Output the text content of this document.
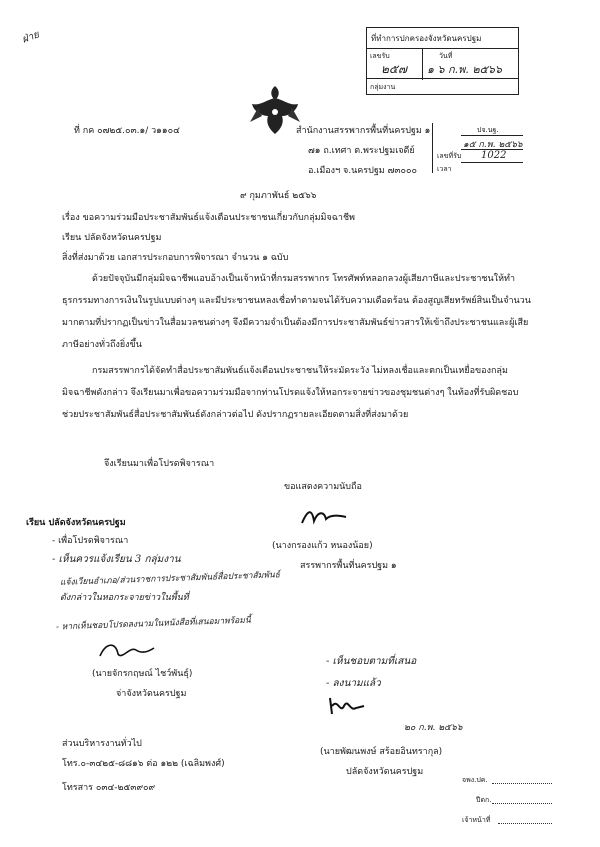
ฝ่าย	ที่ทำการปกครองจังหวัดนครปฐม
เลขรับ
๒๕๗
วันที่
๑ ๖ ก.พ. ๒๕๖๖
กลุ่มงาน
ที่ กค ๐๗๒๕.๐๓.๑/ ว๑๑๐๔	สำนักงานสรรพากรพื้นที่นครปฐม ๑
๗๑ ถ.เทศา ต.พระปฐมเจดีย์
อ.เมืองฯ จ.นครปฐม ๗๓๐๐๐
ปจ.นฐ.
๑๕ ก.พ. ๒๕๖๖
เลขที่รับ 1022
เวลา
๙ กุมภาพันธ์ ๒๕๖๖
เรื่อง ขอความร่วมมือประชาสัมพันธ์แจ้งเตือนประชาชนเกี่ยวกับกลุ่มมิจฉาชีพ
เรียน ปลัดจังหวัดนครปฐม
สิ่งที่ส่งมาด้วย เอกสารประกอบการพิจารณา จำนวน ๑ ฉบับ
ด้วยปัจจุบันมีกลุ่มมิจฉาชีพแอบอ้างเป็นเจ้าหน้าที่กรมสรรพากร โทรศัพท์หลอกลวงผู้เสียภาษีและประชาชนให้ทำธุรกรรมทางการเงินในรูปแบบต่างๆ และมีประชาชนหลงเชื่อทำตามจนได้รับความเดือดร้อน ต้องสูญเสียทรัพย์สินเป็นจำนวนมากตามที่ปรากฏเป็นข่าวในสื่อมวลชนต่างๆ จึงมีความจำเป็นต้องมีการประชาสัมพันธ์ข่าวสารให้เข้าถึงประชาชนและผู้เสียภาษีอย่างทั่วถึงยิ่งขึ้น
กรมสรรพากรได้จัดทำสื่อประชาสัมพันธ์แจ้งเตือนประชาชนให้ระมัดระวัง ไม่หลงเชื่อและตกเป็นเหยื่อของกลุ่มมิจฉาชีพดังกล่าว จึงเรียนมาเพื่อขอความร่วมมือจากท่านโปรดแจ้งให้หอกระจายข่าวของชุมชนต่างๆ ในท้องที่รับผิดชอบ ช่วยประชาสัมพันธ์สื่อประชาสัมพันธ์ดังกล่าวต่อไป ดังปรากฏรายละเอียดตามสิ่งที่ส่งมาด้วย
จึงเรียนมาเพื่อโปรดพิจารณา
ขอแสดงความนับถือ
(นางกรองแก้ว หนองน้อย)
สรรพากรพื้นที่นครปฐม ๑
เรียน ปลัดจังหวัดนครปฐม
- เพื่อโปรดพิจารณา
- เห็นควรแจ้งเรียน 3 กลุ่มงาน
แจ้งเวียนอำเภอ/ส่วนราชการประชาสัมพันธ์สื่อประชาสัมพันธ์
ดังกล่าวในหอกระจายข่าวในพื้นที่
- หากเห็นชอบโปรดลงนามในหนังสือที่เสนอมาพร้อมนี้
(นายจักรกฤษณ์ ไชว์พันธุ์)
จ่าจังหวัดนครปฐม
- เห็นชอบตามที่เสนอ
- ลงนามแล้ว
๒๐ ก.พ. ๒๕๖๖
(นายพัฒนพงษ์ สร้อยอินทรากุล)
ปลัดจังหวัดนครปฐม
ส่วนบริหารงานทั่วไป
โทร.๐-๓๔๒๕-๘๘๑๖ ต่อ ๑๒๒ (เฉลิมพงศ์)
โทรสาร ๐๓๔-๒๕๓๙๐๙
จพง.ปค.
ปีดก.
เจ้าหน้าที่
